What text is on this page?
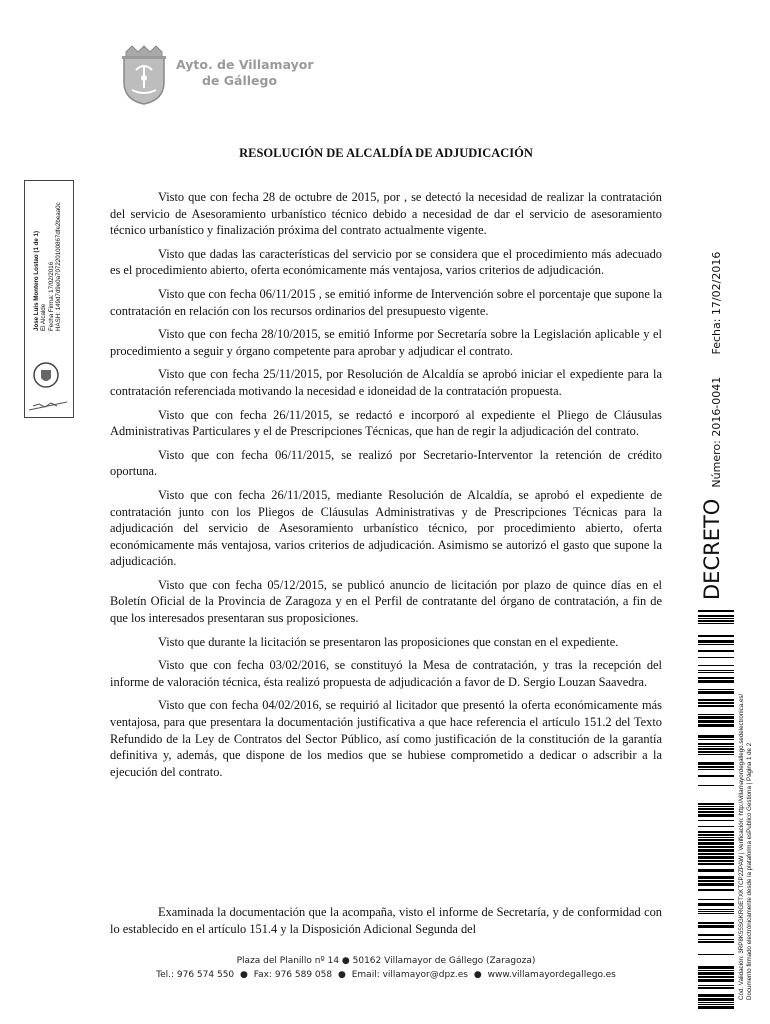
Ayto. de Villamayor
de Gállego
Jose Luis Montero Lostao (1 de 1) El Alcalde Fecha Firma: 17/02/2016 HASH: 149d7d9e0a707220100867dfe2beaa0c
RESOLUCIÓN DE ALCALDÍA DE ADJUDICACIÓN

Visto que con fecha 28 de octubre de 2015, por , se detectó la necesidad de realizar la contratación del servicio de Asesoramiento urbanístico técnico debido a necesidad de dar el servicio de asesoramiento técnico urbanístico y finalización próxima del contrato actualmente vigente.

Visto que dadas las características del servicio por se considera que el procedimiento más adecuado es el procedimiento abierto, oferta económicamente más ventajosa, varios criterios de adjudicación.

Visto que con fecha 06/11/2015 , se emitió informe de Intervención sobre el porcentaje que supone la contratación en relación con los recursos ordinarios del presupuesto vigente.

Visto que con fecha 28/10/2015, se emitió Informe por Secretaría sobre la Legislación aplicable y el procedimiento a seguir y órgano competente para aprobar y adjudicar el contrato.

Visto que con fecha 25/11/2015, por Resolución de Alcaldía se aprobó iniciar el expediente para la contratación referenciada motivando la necesidad e idoneidad de la contratación propuesta.

Visto que con fecha 26/11/2015, se redactó e incorporó al expediente el Pliego de Cláusulas Administrativas Particulares y el de Prescripciones Técnicas, que han de regir la adjudicación del contrato.

Visto que con fecha 06/11/2015, se realizó por Secretario-Interventor la retención de crédito oportuna.

Visto que con fecha 26/11/2015, mediante Resolución de Alcaldía, se aprobó el expediente de contratación junto con los Pliegos de Cláusulas Administrativas y de Prescripciones Técnicas para la adjudicación del servicio de Asesoramiento urbanístico técnico, por procedimiento abierto, oferta económicamente más ventajosa, varios criterios de adjudicación. Asimismo se autorizó el gasto que supone la adjudicación.

Visto que con fecha 05/12/2015, se publicó anuncio de licitación por plazo de quince días en el Boletín Oficial de la Provincia de Zaragoza y en el Perfil de contratante del órgano de contratación, a fin de que los interesados presentaran sus proposiciones.

Visto que durante la licitación se presentaron las proposiciones que constan en el expediente.

Visto que con fecha 03/02/2016, se constituyó la Mesa de contratación, y tras la recepción del informe de valoración técnica, ésta realizó propuesta de adjudicación a favor de D. Sergio Louzan Saavedra.

Visto que con fecha 04/02/2016, se requirió al licitador que presentó la oferta económicamente más ventajosa, para que presentara la documentación justificativa a que hace referencia el artículo 151.2 del Texto Refundido de la Ley de Contratos del Sector Público, así como justificación de la constitución de la garantía definitiva y, además, que dispone de los medios que se hubiese comprometido a dedicar o adscribir a la ejecución del contrato.

Examinada la documentación que la acompaña, visto el informe de Secretaría, y de conformidad con lo establecido en el artículo 151.4 y la Disposición Adicional Segunda del

Plaza del Planillo nº 14 ● 50162 Villamayor de Gállego (Zaragoza)
Tel.: 976 574 550 ● Fax: 976 589 058 ● Email: villamayor@dpz.es ● www.villamayordegallego.es
DECRETO Número: 2016-0041  Fecha: 17/02/2016
Cód. Validación: 3RP8K55SGKRGETXKTCP2ZPAW | Verificación: http://villamayordegallego.sedelectronica.es/ Documento firmado electrónicamente desde la plataforma esPublico Gestiona | Página 1 de 2
